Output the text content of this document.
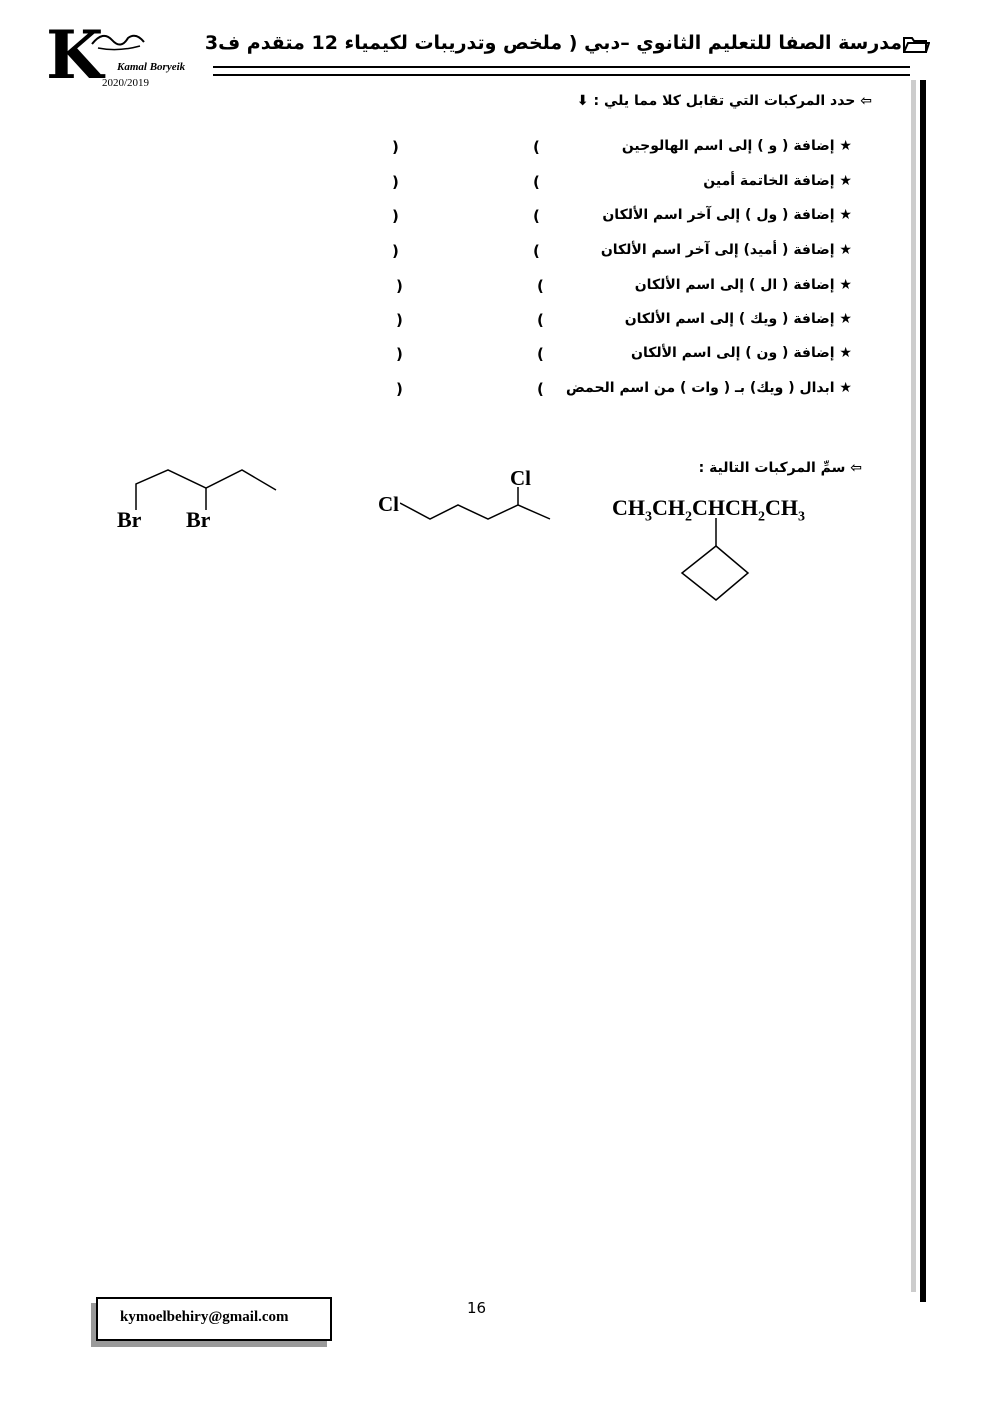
K Kamal Boryeik
2020/2019
مدرسة الصفا للتعليم الثانوي –دبي ( ملخص وتدريبات لكيمياء 12 متقدم ف3
⇦ حدد المركبات التي تقابل كلا مما يلي : ⬇
★ إضافة ( و ) إلى اسم الهالوجين
(
)
★ إضافة الخاتمة أمين
(
)
★ إضافة ( ول ) إلى آخر اسم الألكان
(
)
★ إضافة ( أميد) إلى آخر اسم الألكان
(
)
★ إضافة ( ال ) إلى اسم الألكان
(
)
★ إضافة ( ويك ) إلى اسم الألكان
(
)
★ إضافة ( ون ) إلى اسم الألكان
(
)
★ ابدال ( ويك) بـ ( وات ) من اسم الحمض
(
)
⇦ سمِّ المركبات التالية :
$CH_3CH_2CHCH_2CH_3$
Cl
Cl
Br Br
16
kymoelbehiry@gmail.com
